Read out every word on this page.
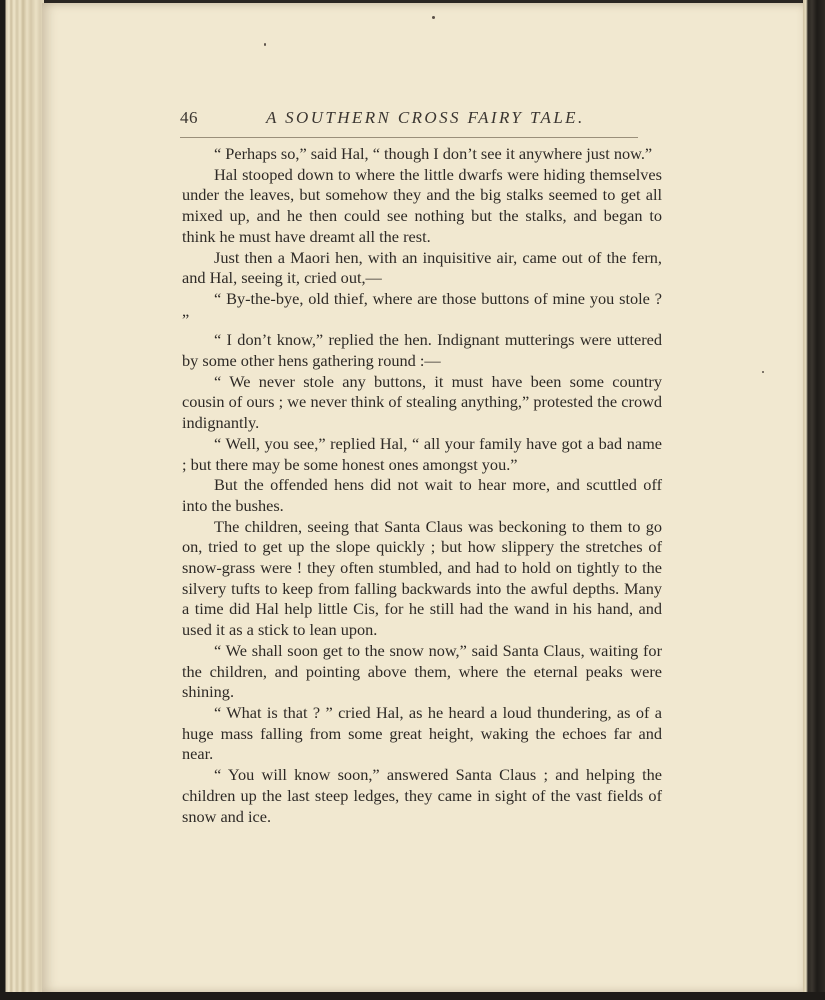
46	A SOUTHERN CROSS FAIRY TALE.

“ Perhaps so,” said Hal, “ though I don’t see it anywhere just now.”

Hal stooped down to where the little dwarfs were hiding themselves under the leaves, but somehow they and the big stalks seemed to get all mixed up, and he then could see nothing but the stalks, and began to think he must have dreamt all the rest.

Just then a Maori hen, with an inquisitive air, came out of the fern, and Hal, seeing it, cried out,—

“ By-the-bye, old thief, where are those buttons of mine you stole ? ”

“ I don’t know,” replied the hen. Indignant mutterings were uttered by some other hens gathering round :—

“ We never stole any buttons, it must have been some country cousin of ours ; we never think of stealing anything,” protested the crowd indignantly.

“ Well, you see,” replied Hal, “ all your family have got a bad name ; but there may be some honest ones amongst you.”

But the offended hens did not wait to hear more, and scuttled off into the bushes.

The children, seeing that Santa Claus was beckoning to them to go on, tried to get up the slope quickly ; but how slippery the stretches of snow-grass were ! they often stumbled, and had to hold on tightly to the silvery tufts to keep from falling backwards into the awful depths. Many a time did Hal help little Cis, for he still had the wand in his hand, and used it as a stick to lean upon.

“ We shall soon get to the snow now,” said Santa Claus, waiting for the children, and pointing above them, where the eternal peaks were shining.

“ What is that ? ” cried Hal, as he heard a loud thundering, as of a huge mass falling from some great height, waking the echoes far and near.

“ You will know soon,” answered Santa Claus ; and helping the children up the last steep ledges, they came in sight of the vast fields of snow and ice.
